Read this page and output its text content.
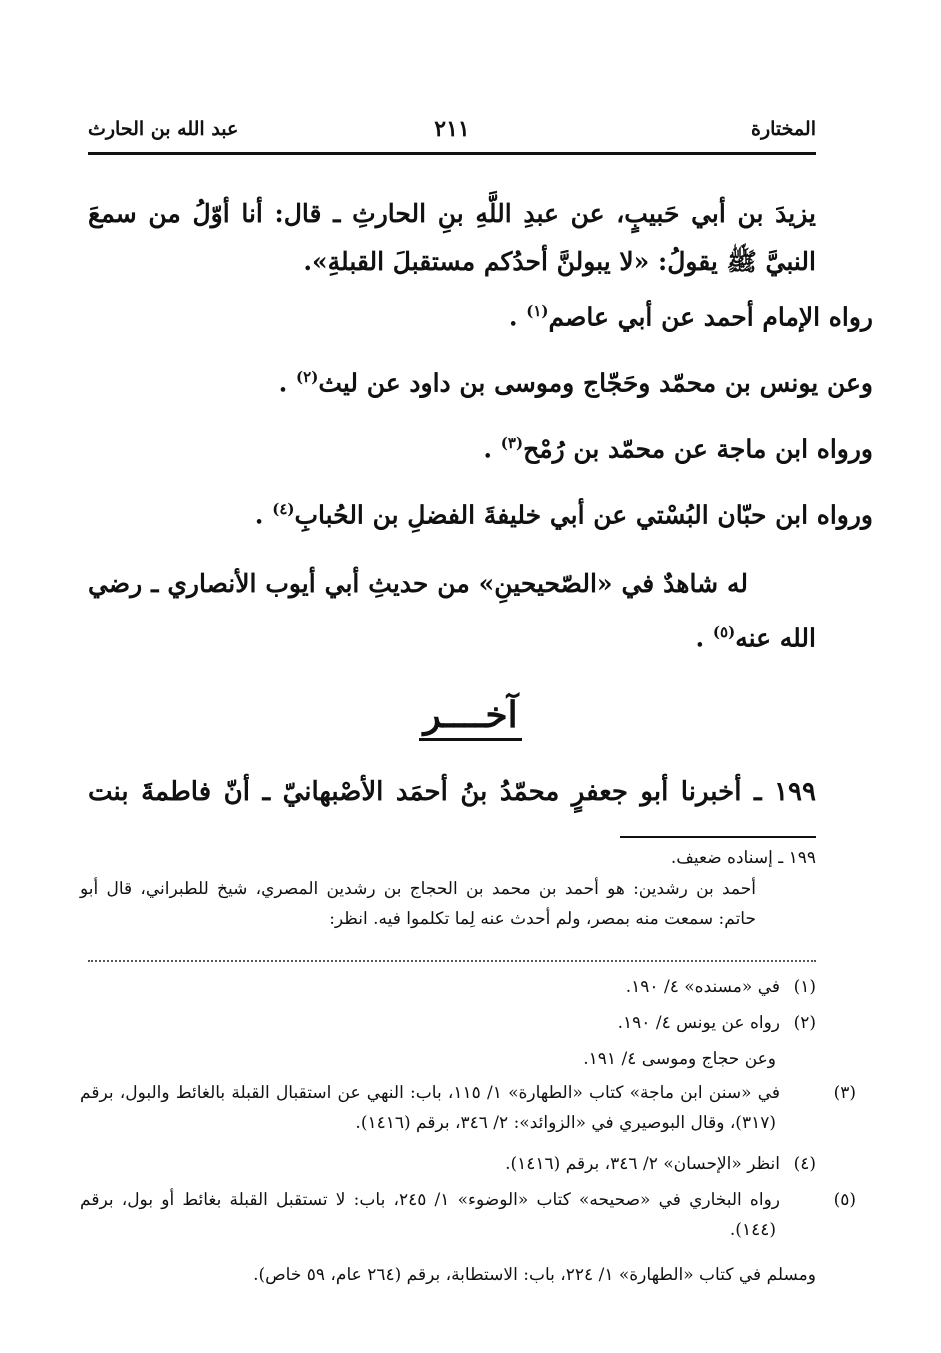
المختارة
٢١١
عبد الله بن الحارث
يزيدَ بن أبي حَبيبٍ، عن عبدِ اللَّهِ بنِ الحارثِ ـ قال: أنا أوّلُ من سمعَ النبيَّ ﷺ يقولُ: «لا يبولنَّ أحدُكم مستقبلَ القبلةِ».
رواه الإمام أحمد عن أبي عاصم$^{(١)}$ .
وعن يونس بن محمّد وحَجّاج وموسى بن داود عن ليث$^{(٢)}$ .
ورواه ابن ماجة عن محمّد بن رُمْح$^{(٣)}$ .
ورواه ابن حبّان البُسْتي عن أبي خليفةَ الفضلِ بن الحُبابِ$^{(٤)}$ .
له شاهدٌ في «الصّحيحينِ» من حديثِ أبي أيوب الأنصاري ـ رضي الله عنه$^{(٥)}$ .
آخــــر
١٩٩ ـ أخبرنا أبو جعفرٍ محمّدُ بنُ أحمَد الأصْبهانيّ ـ أنّ فاطمةَ بنت
١٩٩ ـ إسناده ضعيف.
أحمد بن رشدين: هو أحمد بن محمد بن الحجاج بن رشدين المصري، شيخ للطبراني، قال أبو حاتم: سمعت منه بمصر، ولم أحدث عنه لِما تكلموا فيه. انظر:
(١)في «مسنده» ٤/ ١٩٠.
(٢)رواه عن يونس ٤/ ١٩٠.
وعن حجاج وموسى ٤/ ١٩١.
(٣)في «سنن ابن ماجة» كتاب «الطهارة» ١/ ١١٥، باب: النهي عن استقبال القبلة بالغائط والبول، برقم (٣١٧)، وقال البوصيري في «الزوائد»: ٢/ ٣٤٦، برقم (١٤١٦).
(٤)انظر «الإحسان» ٢/ ٣٤٦، برقم (١٤١٦).
(٥)رواه البخاري في «صحيحه» كتاب «الوضوء» ١/ ٢٤٥، باب: لا تستقبل القبلة بغائط أو بول، برقم (١٤٤).
ومسلم في كتاب «الطهارة» ١/ ٢٢٤، باب: الاستطابة، برقم (٢٦٤ عام، ٥٩ خاص).
